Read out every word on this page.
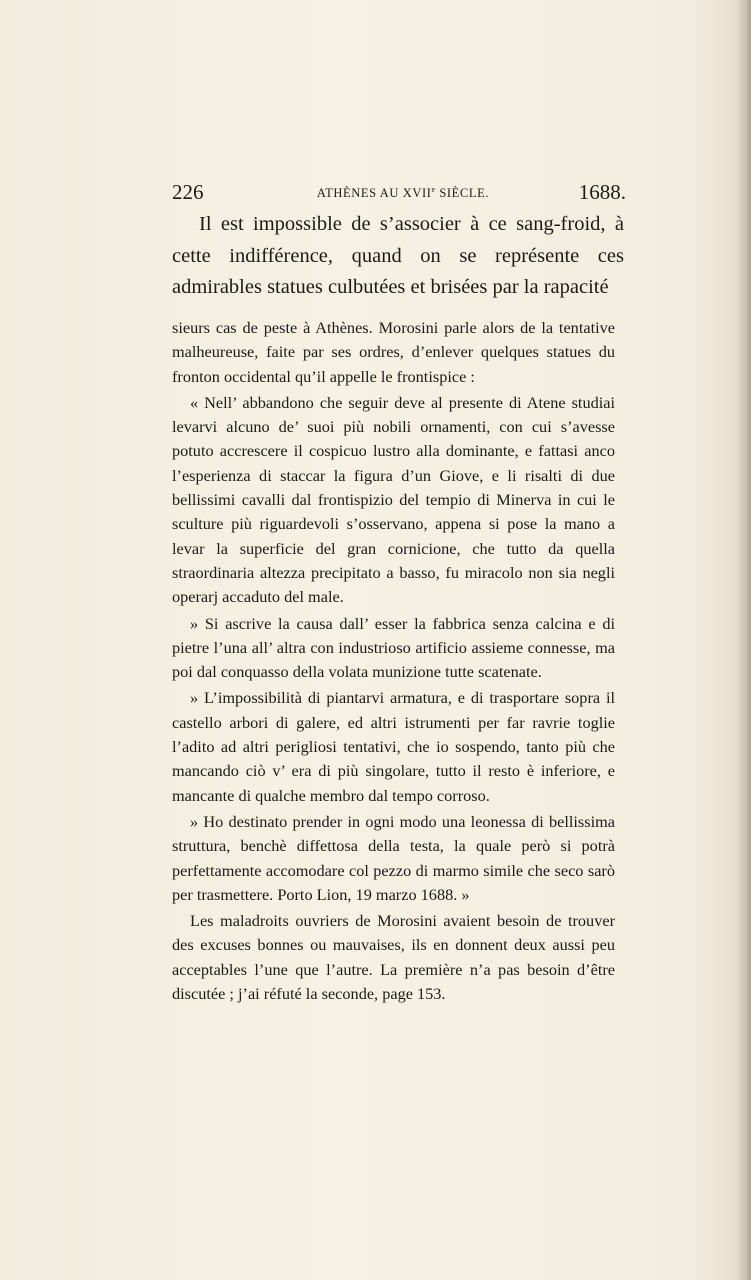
226	ATHÈNES AU XVIIe SIÈCLE.	1688.

Il est impossible de s’associer à ce sang-froid, à cette indifférence, quand on se représente ces admirables statues culbutées et brisées par la rapacité

sieurs cas de peste à Athènes. Morosini parle alors de la tentative malheureuse, faite par ses ordres, d’enlever quelques statues du fronton occidental qu’il appelle le frontispice :

« Nell’ abbandono che seguir deve al presente di Atene studiai levarvi alcuno de’ suoi più nobili ornamenti, con cui s’avesse potuto accrescere il cospicuo lustro alla dominante, e fattasi anco l’esperienza di staccar la figura d’un Giove, e li risalti di due bellissimi cavalli dal frontispizio del tempio di Minerva in cui le sculture più riguardevoli s’osservano, appena si pose la mano a levar la superficie del gran cornicione, che tutto da quella straordinaria altezza precipitato a basso, fu miracolo non sia negli operarj accaduto del male.

» Si ascrive la causa dall’ esser la fabbrica senza calcina e di pietre l’una all’ altra con industrioso artificio assieme connesse, ma poi dal conquasso della volata munizione tutte scatenate.

» L’impossibilità di piantarvi armatura, e di trasportare sopra il castello arbori di galere, ed altri istrumenti per far ravrie toglie l’adito ad altri perigliosi tentativi, che io sospendo, tanto più che mancando ciò v’ era di più singolare, tutto il resto è inferiore, e mancante di qualche membro dal tempo corroso.

» Ho destinato prender in ogni modo una leonessa di bellissima struttura, benchè diffettosa della testa, la quale però si potrà perfettamente accomodare col pezzo di marmo simile che seco sarò per trasmettere. Porto Lion, 19 marzo 1688. »

Les maladroits ouvriers de Morosini avaient besoin de trouver des excuses bonnes ou mauvaises, ils en donnent deux aussi peu acceptables l’une que l’autre. La première n’a pas besoin d’être discutée ; j’ai réfuté la seconde, page 153.
